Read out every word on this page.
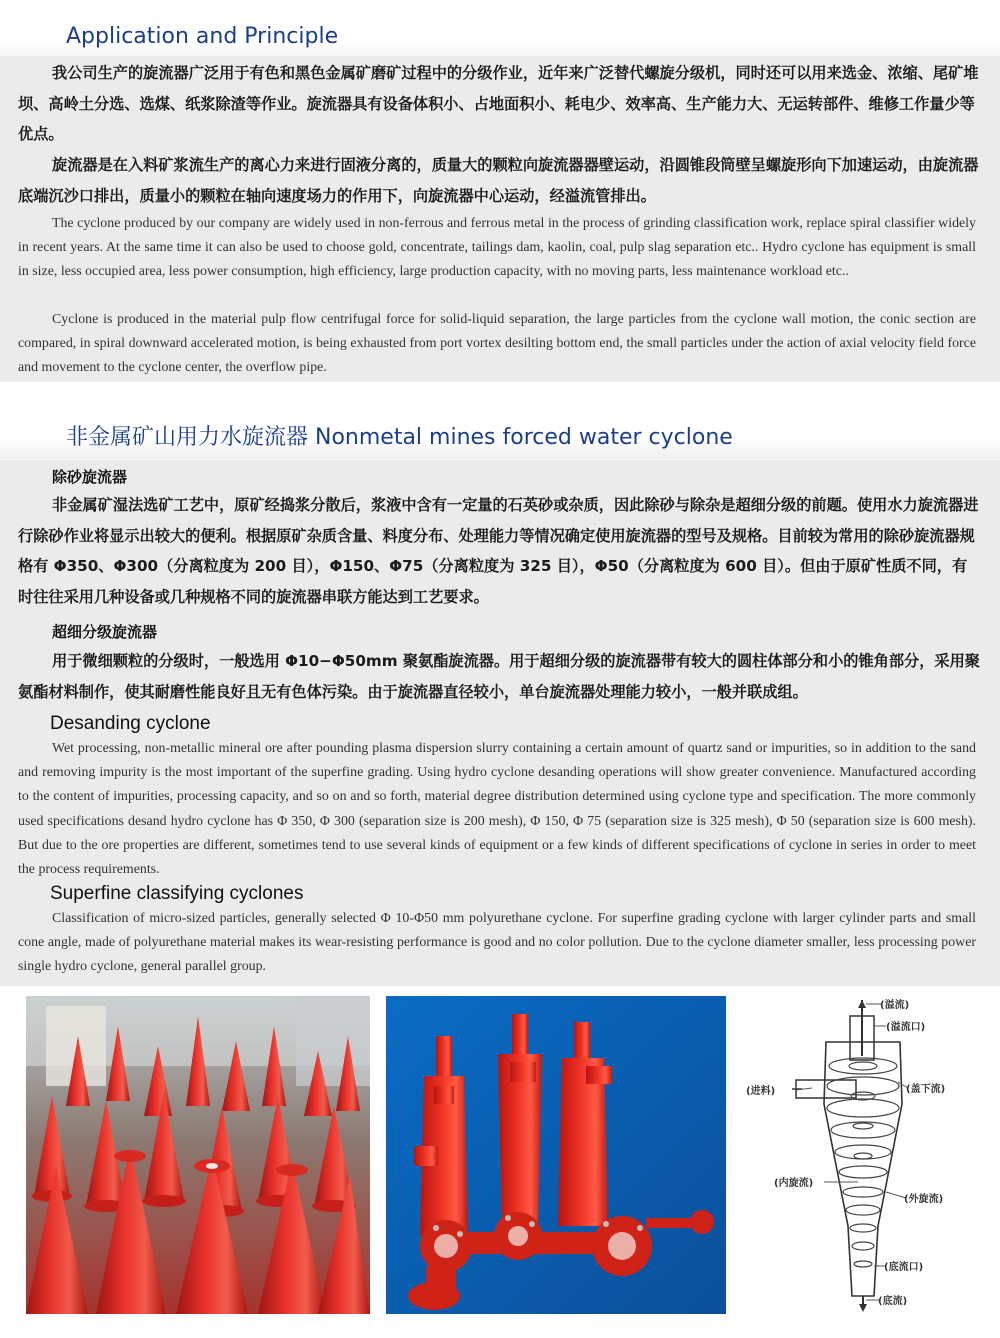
Application and Principle

我公司生产的旋流器广泛用于有色和黑色金属矿磨矿过程中的分级作业，近年来广泛替代螺旋分级机，同时还可以用来选金、浓缩、尾矿堆坝、高岭土分选、选煤、纸浆除渣等作业。旋流器具有设备体积小、占地面积小、耗电少、效率高、生产能力大、无运转部件、维修工作量少等优点。

旋流器是在入料矿浆流生产的离心力来进行固液分离的，质量大的颗粒向旋流器器壁运动，沿圆锥段筒壁呈螺旋形向下加速运动，由旋流器底端沉沙口排出，质量小的颗粒在轴向速度场力的作用下，向旋流器中心运动，经溢流管排出。

The cyclone produced by our company are widely used in non-ferrous and ferrous metal in the process of grinding classification work, replace spiral classifier widely in recent years. At the same time it can also be used to choose gold, concentrate, tailings dam, kaolin, coal, pulp slag separation etc.. Hydro cyclone has equipment is small in size, less occupied area, less power consumption, high efficiency, large production capacity, with no moving parts, less maintenance workload etc..

Cyclone is produced in the material pulp flow centrifugal force for solid-liquid separation, the large particles from the cyclone wall motion, the conic section are compared, in spiral downward accelerated motion, is being exhausted from port vortex desilting bottom end, the small particles under the action of axial velocity field force and movement to the cyclone center, the overflow pipe.

非金属矿山用力水旋流器 Nonmetal mines forced water cyclone

除砂旋流器

非金属矿湿法选矿工艺中，原矿经捣浆分散后，浆液中含有一定量的石英砂或杂质，因此除砂与除杂是超细分级的前题。使用水力旋流器进行除砂作业将显示出较大的便利。根据原矿杂质含量、料度分布、处理能力等情况确定使用旋流器的型号及规格。目前较为常用的除砂旋流器规格有 Φ350、Φ300（分离粒度为 200 目），Φ150、Φ75（分离粒度为 325 目），Φ50（分离粒度为 600 目）。但由于原矿性质不同，有时往往采用几种设备或几种规格不同的旋流器串联方能达到工艺要求。

超细分级旋流器

用于微细颗粒的分级时，一般选用 Φ10−Φ50mm 聚氨酯旋流器。用于超细分级的旋流器带有较大的圆柱体部分和小的锥角部分，采用聚氨酯材料制作，使其耐磨性能良好且无有色体污染。由于旋流器直径较小，单台旋流器处理能力较小，一般并联成组。

Desanding cyclone

Wet processing, non-metallic mineral ore after pounding plasma dispersion slurry containing a certain amount of quartz sand or impurities, so in addition to the sand and removing impurity is the most important of the superfine grading. Using hydro cyclone desanding operations will show greater convenience. Manufactured according to the content of impurities, processing capacity, and so on and so forth, material degree distribution determined using cyclone type and specification. The more commonly used specifications desand hydro cyclone has Φ 350, Φ 300 (separation size is 200 mesh), Φ 150, Φ 75 (separation size is 325 mesh), Φ 50 (separation size is 600 mesh). But due to the ore properties are different, sometimes tend to use several kinds of equipment or a few kinds of different specifications of cyclone in series in order to meet the process requirements.

Superfine classifying cyclones

Classification of micro-sized particles, generally selected Φ 10-Φ50 mm polyurethane cyclone. For superfine grading cyclone with larger cylinder parts and small cone angle, made of polyurethane material makes its wear-resisting performance is good and no color pollution. Due to the cyclone diameter smaller, less processing power single hydro cyclone, general parallel group.

(溢流)
(溢流口)
(进料)	(盖下流)
(内旋流)
(外旋流)
(底流口)
(底流)
